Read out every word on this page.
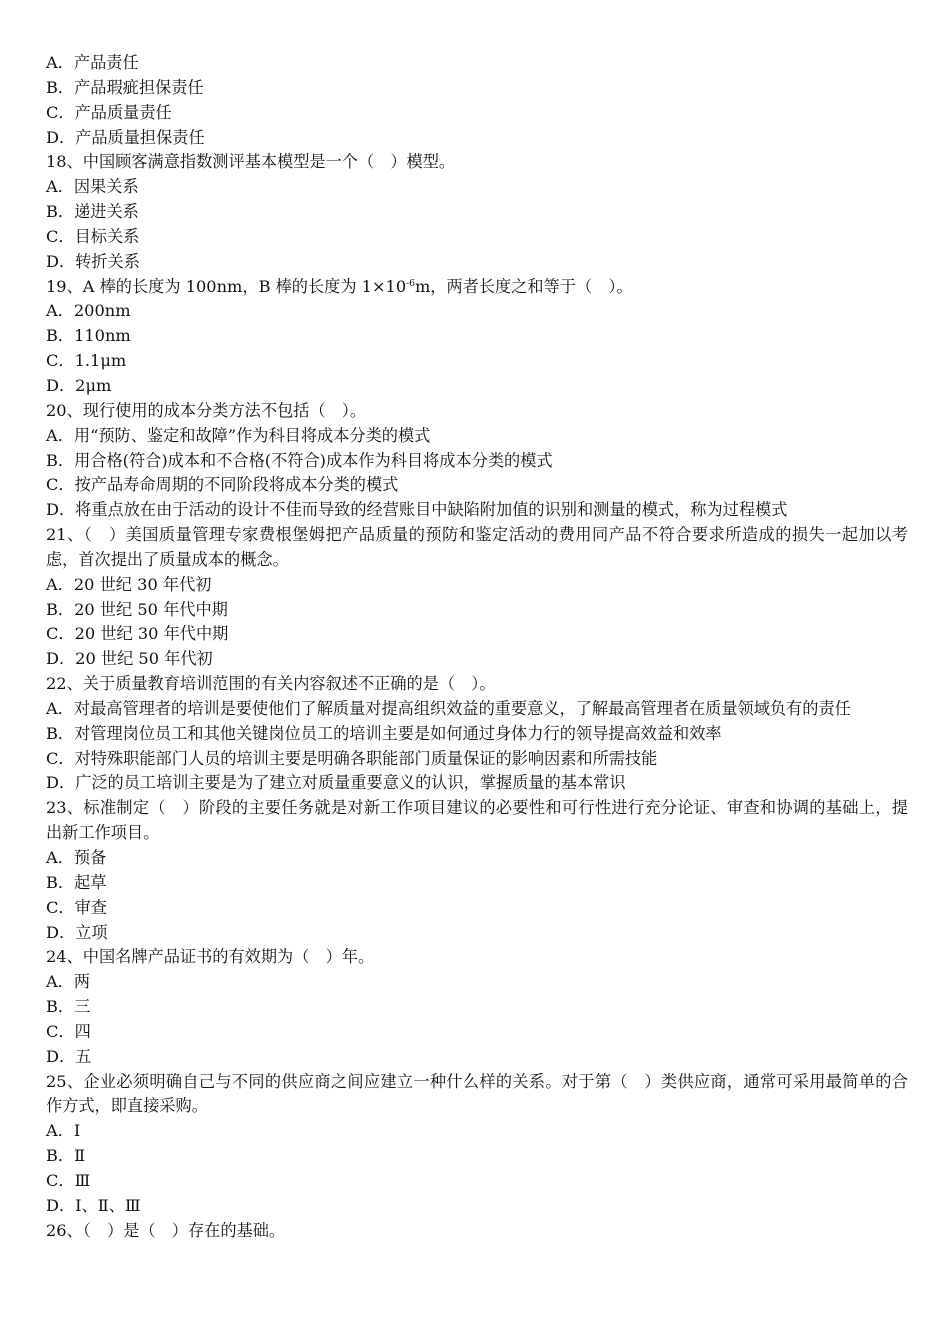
A．产品责任
B．产品瑕疵担保责任
C．产品质量责任
D．产品质量担保责任
18、中国顾客满意指数测评基本模型是一个（　）模型。
A．因果关系
B．递进关系
C．目标关系
D．转折关系
19、A 棒的长度为 100nm，B 棒的长度为 $1\times 10^{-6}m$，两者长度之和等于（　）。
A．200nm
B．110nm
C．1.1μm
D．2μm
20、现行使用的成本分类方法不包括（　）。
A．用“预防、鉴定和故障”作为科目将成本分类的模式
B．用合格(符合)成本和不合格(不符合)成本作为科目将成本分类的模式
C．按产品寿命周期的不同阶段将成本分类的模式
D．将重点放在由于活动的设计不佳而导致的经营账目中缺陷附加值的识别和测量的模式，称为过程模式
21、（　）美国质量管理专家费根堡姆把产品质量的预防和鉴定活动的费用同产品不符合要求所造成的损失一起加以考虑，首次提出了质量成本的概念。
A．20 世纪 30 年代初
B．20 世纪 50 年代中期
C．20 世纪 30 年代中期
D．20 世纪 50 年代初
22、关于质量教育培训范围的有关内容叙述不正确的是（　）。
A．对最高管理者的培训是要使他们了解质量对提高组织效益的重要意义，了解最高管理者在质量领域负有的责任
B．对管理岗位员工和其他关键岗位员工的培训主要是如何通过身体力行的领导提高效益和效率
C．对特殊职能部门人员的培训主要是明确各职能部门质量保证的影响因素和所需技能
D．广泛的员工培训主要是为了建立对质量重要意义的认识，掌握质量的基本常识
23、标准制定（　）阶段的主要任务就是对新工作项目建议的必要性和可行性进行充分论证、审查和协调的基础上，提出新工作项目。
A．预备
B．起草
C．审查
D．立项
24、中国名牌产品证书的有效期为（　）年。
A．两
B．三
C．四
D．五
25、企业必须明确自己与不同的供应商之间应建立一种什么样的关系。对于第（　）类供应商，通常可采用最简单的合作方式，即直接采购。
A．Ⅰ
B．Ⅱ
C．Ⅲ
D．Ⅰ、Ⅱ、Ⅲ
26、（　）是（　）存在的基础。
